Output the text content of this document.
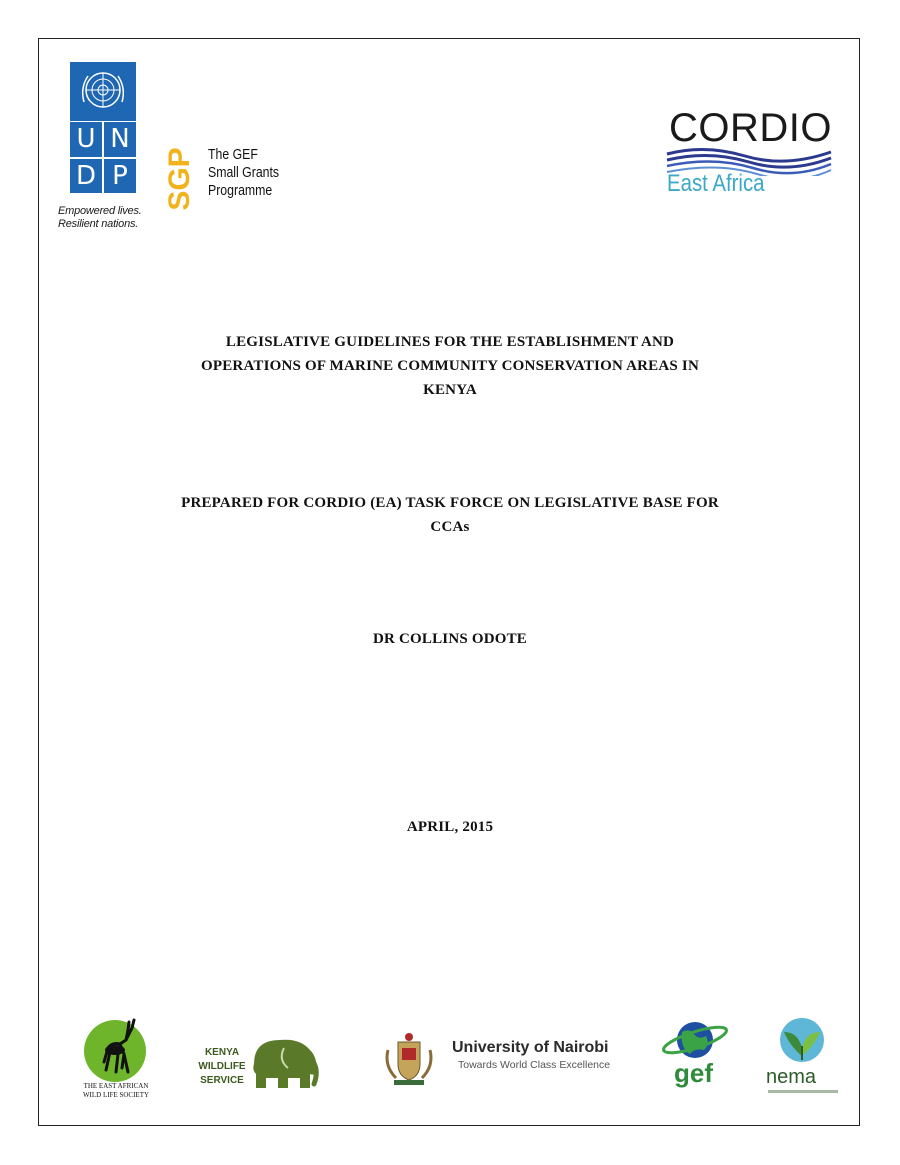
U N
D P
Empowered lives.
Resilient nations.
SGP The GEF
Small Grants
Programme
CORDIO
East Africa
LEGISLATIVE GUIDELINES FOR THE ESTABLISHMENT AND
OPERATIONS OF MARINE COMMUNITY CONSERVATION AREAS IN
KENYA
PREPARED FOR CORDIO (EA) TASK FORCE ON LEGISLATIVE BASE FOR
CCAs
DR COLLINS ODOTE
APRIL, 2015
THE EAST AFRICAN
WILD LIFE SOCIETY
KENYA
WILDLIFE
SERVICE
University of Nairobi
Towards World Class Excellence gef	nema
